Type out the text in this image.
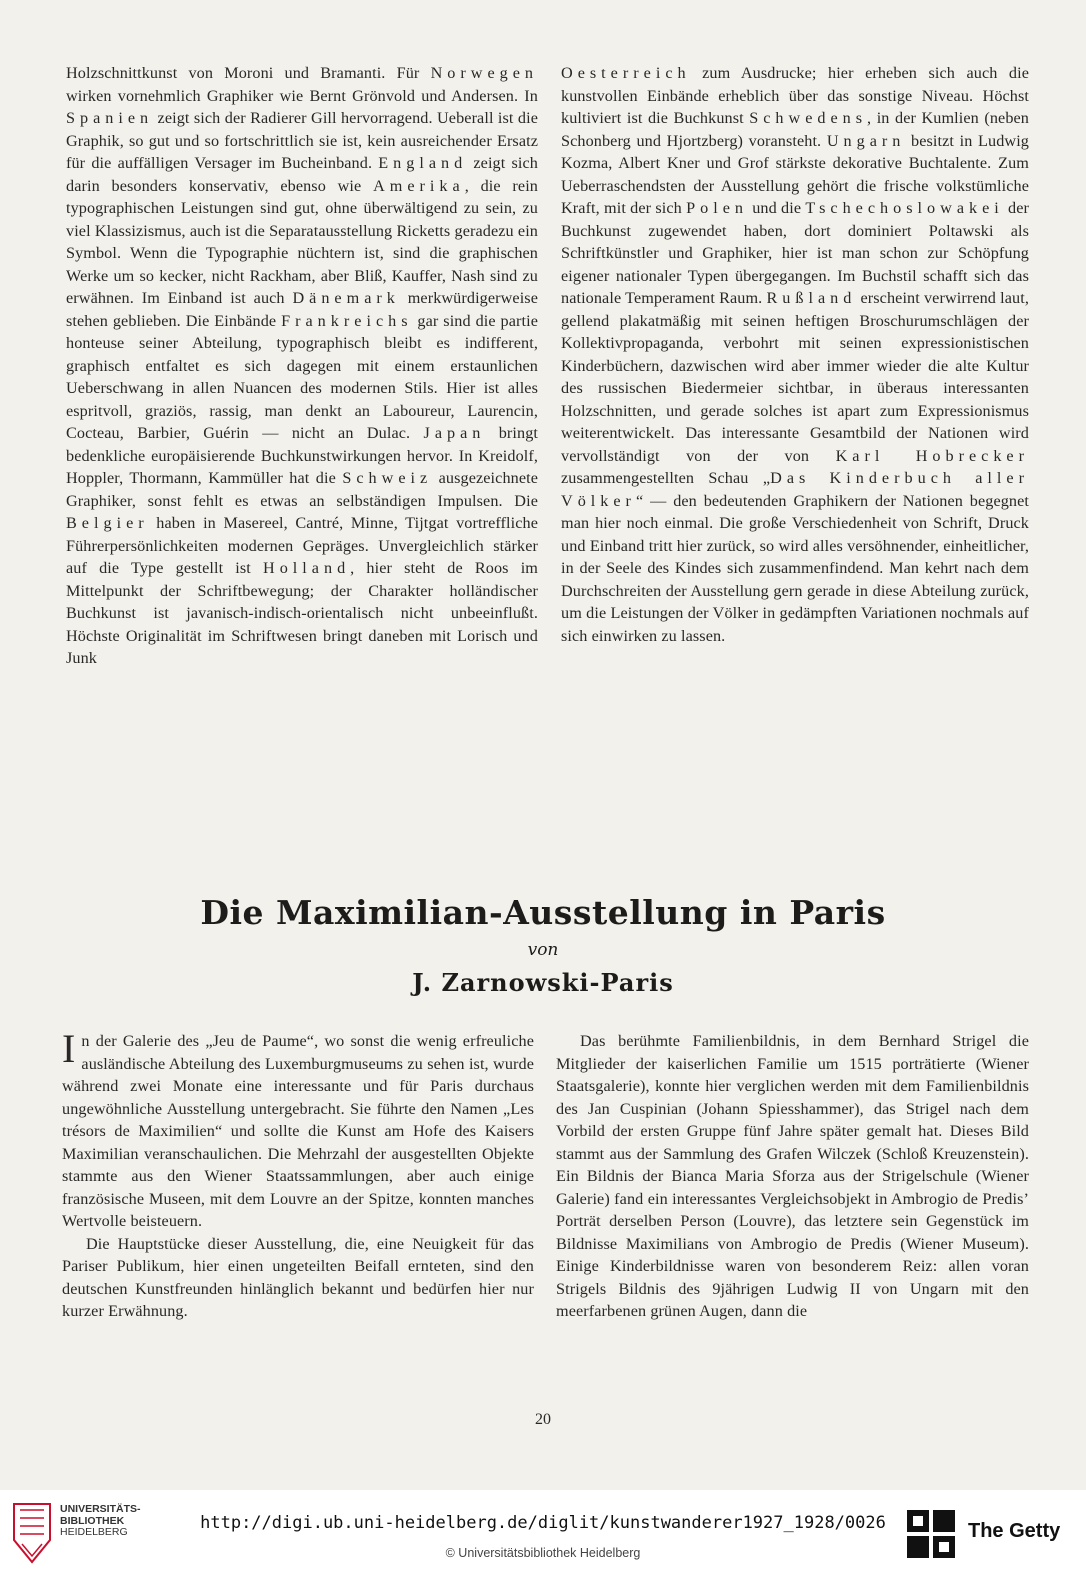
Holzschnittkunst von Moroni und Bramanti. Für Norwegen wirken vornehmlich Graphiker wie Bernt Grönvold und Andersen. In Spanien zeigt sich der Radierer Gill hervorragend. Ueberall ist die Graphik, so gut und so fortschrittlich sie ist, kein ausreichender Ersatz für die auffälligen Versager im Bucheinband. England zeigt sich darin besonders konservativ, ebenso wie Amerika, die rein typographischen Leistungen sind gut, ohne überwältigend zu sein, zu viel Klassizismus, auch ist die Separatausstellung Ricketts geradezu ein Symbol. Wenn die Typographie nüchtern ist, sind die graphischen Werke um so kecker, nicht Rackham, aber Bliß, Kauffer, Nash sind zu erwähnen. Im Einband ist auch Dänemark merkwürdigerweise stehen geblieben. Die Einbände Frankreichs gar sind die partie honteuse seiner Abteilung, typographisch bleibt es indifferent, graphisch entfaltet es sich dagegen mit einem erstaunlichen Ueberschwang in allen Nuancen des modernen Stils. Hier ist alles espritvoll, graziös, rassig, man denkt an Laboureur, Laurencin, Cocteau, Barbier, Guérin — nicht an Dulac. Japan bringt bedenkliche europäisierende Buchkunstwirkungen hervor. In Kreidolf, Hoppler, Thormann, Kammüller hat die Schweiz ausgezeichnete Graphiker, sonst fehlt es etwas an selbständigen Impulsen. Die Belgier haben in Masereel, Cantré, Minne, Tijtgat vortreffliche Führerpersönlichkeiten modernen Gepräges. Unvergleichlich stärker auf die Type gestellt ist Holland, hier steht de Roos im Mittelpunkt der Schriftbewegung; der Charakter holländischer Buchkunst ist javanisch-indisch-orientalisch nicht unbeeinflußt. Höchste Originalität im Schriftwesen bringt daneben mit Lorisch und Junk

Oesterreich zum Ausdrucke; hier erheben sich auch die kunstvollen Einbände erheblich über das sonstige Niveau. Höchst kultiviert ist die Buchkunst Schwedens, in der Kumlien (neben Schonberg und Hjortzberg) voransteht. Ungarn besitzt in Ludwig Kozma, Albert Kner und Grof stärkste dekorative Buchtalente. Zum Ueberraschendsten der Ausstellung gehört die frische volkstümliche Kraft, mit der sich Polen und die Tschechoslowakei der Buchkunst zugewendet haben, dort dominiert Poltawski als Schriftkünstler und Graphiker, hier ist man schon zur Schöpfung eigener nationaler Typen übergegangen. Im Buchstil schafft sich das nationale Temperament Raum. Rußland erscheint verwirrend laut, gellend plakatmäßig mit seinen heftigen Broschurumschlägen der Kollektivpropaganda, verbohrt mit seinen expressionistischen Kinderbüchern, dazwischen wird aber immer wieder die alte Kultur des russischen Biedermeier sichtbar, in überaus interessanten Holzschnitten, und gerade solches ist apart zum Expressionismus weiterentwickelt. Das interessante Gesamtbild der Nationen wird vervollständigt von der von Karl Hobrecker zusammengestellten Schau „Das Kinderbuch aller Völker“ — den bedeutenden Graphikern der Nationen begegnet man hier noch einmal. Die große Verschiedenheit von Schrift, Druck und Einband tritt hier zurück, so wird alles versöhnender, einheitlicher, in der Seele des Kindes sich zusammenfindend. Man kehrt nach dem Durchschreiten der Ausstellung gern gerade in diese Abteilung zurück, um die Leistungen der Völker in gedämpften Variationen nochmals auf sich einwirken zu lassen.

Die Maximilian-Ausstellung in Paris
von
J. Zarnowski-Paris

In der Galerie des „Jeu de Paume“, wo sonst die wenig erfreuliche ausländische Abteilung des Luxemburgmuseums zu sehen ist, wurde während zwei Monate eine interessante und für Paris durchaus ungewöhnliche Ausstellung untergebracht. Sie führte den Namen „Les trésors de Maximilien“ und sollte die Kunst am Hofe des Kaisers Maximilian veranschaulichen. Die Mehrzahl der ausgestellten Objekte stammte aus den Wiener Staatssammlungen, aber auch einige französische Museen, mit dem Louvre an der Spitze, konnten manches Wertvolle beisteuern.

Die Hauptstücke dieser Ausstellung, die, eine Neuigkeit für das Pariser Publikum, hier einen ungeteilten Beifall ernteten, sind den deutschen Kunstfreunden hinlänglich bekannt und bedürfen hier nur kurzer Erwähnung.

Das berühmte Familienbildnis, in dem Bernhard Strigel die Mitglieder der kaiserlichen Familie um 1515 porträtierte (Wiener Staatsgalerie), konnte hier verglichen werden mit dem Familienbildnis des Jan Cuspinian (Johann Spiesshammer), das Strigel nach dem Vorbild der ersten Gruppe fünf Jahre später gemalt hat. Dieses Bild stammt aus der Sammlung des Grafen Wilczek (Schloß Kreuzenstein). Ein Bildnis der Bianca Maria Sforza aus der Strigelschule (Wiener Galerie) fand ein interessantes Vergleichsobjekt in Ambrogio de Predis’ Porträt derselben Person (Louvre), das letztere sein Gegenstück im Bildnisse Maximilians von Ambrogio de Predis (Wiener Museum). Einige Kinderbildnisse waren von besonderem Reiz: allen voran Strigels Bildnis des 9jährigen Ludwig II von Ungarn mit den meerfarbenen grünen Augen, dann die

20
UNIVERSITÄTS-
BIBLIOTHEK
HEIDELBERG	http://digi.ub.uni-heidelberg.de/diglit/kunstwanderer1927_1928/0026
© Universitätsbibliothek Heidelberg
The Getty
